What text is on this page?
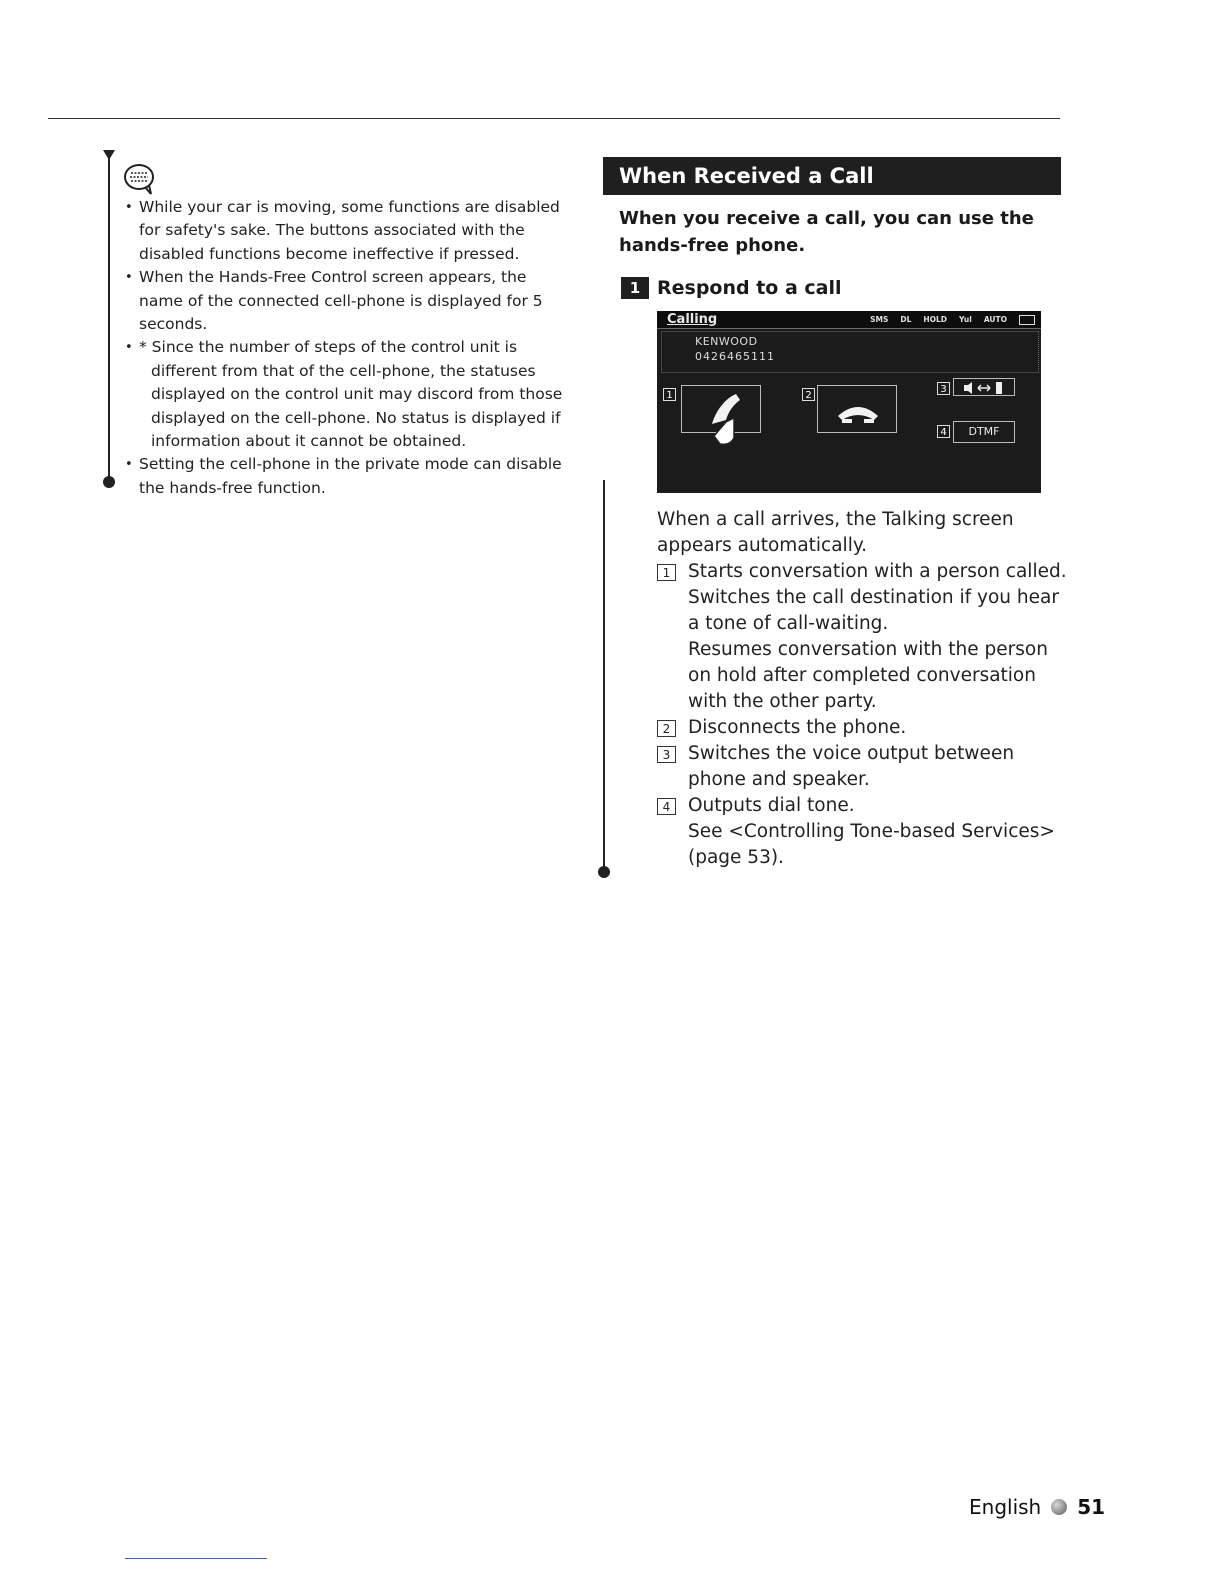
• While your car is moving, some functions are disabled for safety's sake. The buttons associated with the disabled functions become ineffective if pressed.
• When the Hands-Free Control screen appears, the name of the connected cell-phone is displayed for 5 seconds.
• * Since the number of steps of the control unit is different from that of the cell-phone, the statuses displayed on the control unit may discord from those displayed on the cell-phone. No status is displayed if information about it cannot be obtained.
• Setting the cell-phone in the private mode can disable the hands-free function.
When Received a Call
When you receive a call, you can use the hands-free phone.
1 Respond to a call
Calling	SMS DL HOLD Yul AUTO
KENWOOD
0426465111
1	2
3
4	DTMF

When a call arrives, the Talking screen appears automatically.

1 Starts conversation with a person called.

Switches the call destination if you hear a tone of call-waiting.

Resumes conversation with the person on hold after completed conversation with the other party.

2 Disconnects the phone.

3 Switches the voice output between phone and speaker.

4 Outputs dial tone.

See <Controlling Tone-based Services> (page 53).

English 51
